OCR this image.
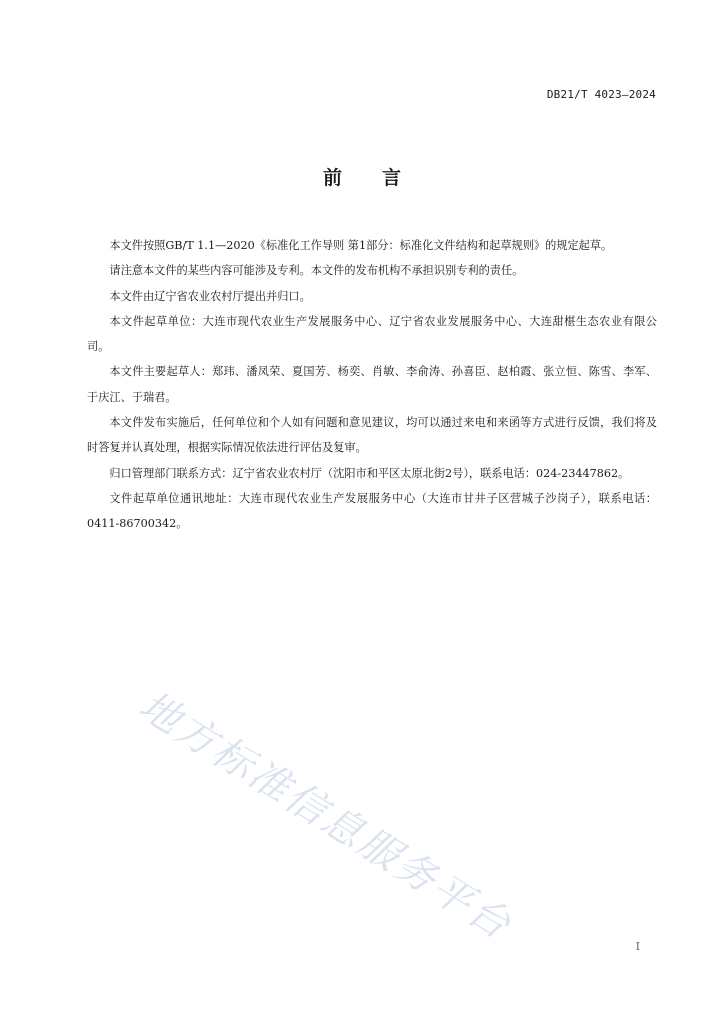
DB21/T 4023—2024
前言

本文件按照GB/T 1.1—2020《标准化工作导则 第1部分：标准化文件结构和起草规则》的规定起草。

请注意本文件的某些内容可能涉及专利。本文件的发布机构不承担识别专利的责任。

本文件由辽宁省农业农村厅提出并归口。

本文件起草单位：大连市现代农业生产发展服务中心、辽宁省农业发展服务中心、大连甜椹生态农业有限公司。

本文件主要起草人：郑玮、潘凤荣、夏国芳、杨奕、肖敏、李俞涛、孙喜臣、赵柏霞、张立恒、陈雪、李军、于庆江、于瑞君。

本文件发布实施后，任何单位和个人如有问题和意见建议，均可以通过来电和来函等方式进行反馈，我们将及时答复并认真处理，根据实际情况依法进行评估及复审。

归口管理部门联系方式：辽宁省农业农村厅（沈阳市和平区太原北街2号），联系电话：024-23447862。

文件起草单位通讯地址：大连市现代农业生产发展服务中心（大连市甘井子区营城子沙岗子），联系电话：0411-86700342。

地方标准信息服务平台	I
